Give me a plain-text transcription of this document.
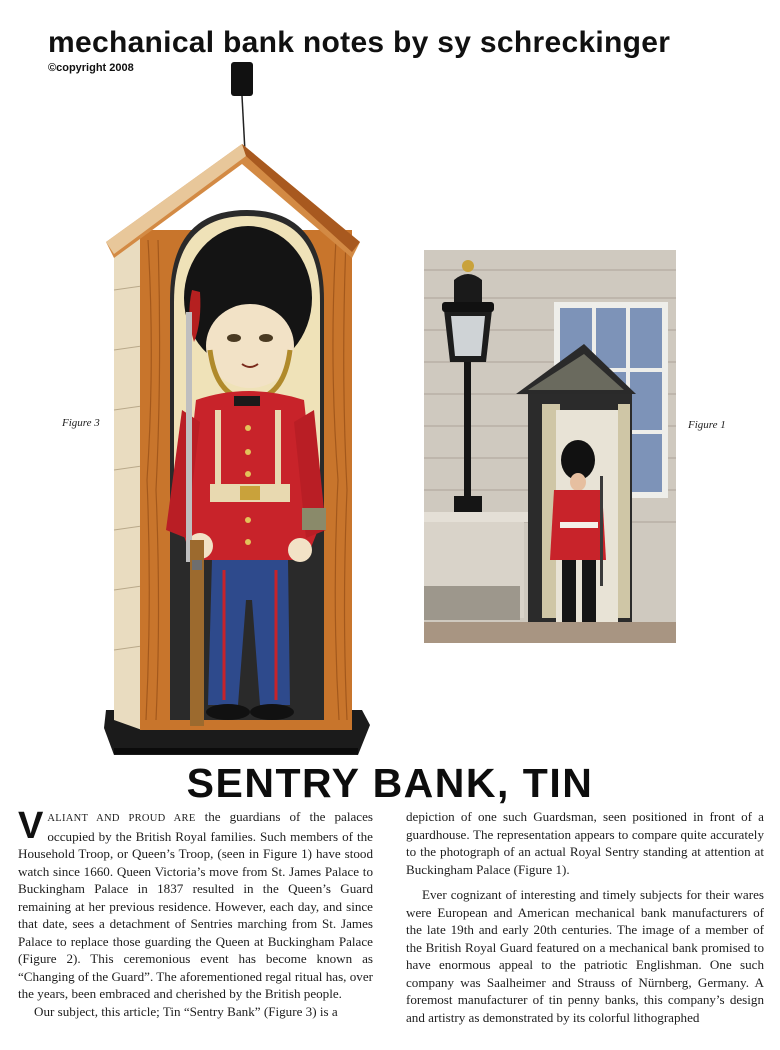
mechanical bank notes by sy schreckinger
©copyright 2008
Figure 3	Figure 1
SENTRY BANK, TIN

VALIANT AND PROUD ARE the guardians of the palaces occupied by the British Royal families. Such members of the Household Troop, or Queen’s Troop, (seen in Figure 1) have stood watch since 1660. Queen Victoria’s move from St. James Palace to Buckingham Palace in 1837 resulted in the Queen’s Guard remaining at her previous residence. However, each day, and since that date, sees a detachment of Sentries marching from St. James Palace to replace those guarding the Queen at Buckingham Palace (Figure 2). This ceremonious event has become known as “Changing of the Guard”. The aforementioned regal ritual has, over the years, been embraced and cherished by the British people.

Our subject, this article; Tin “Sentry Bank” (Figure 3) is a

depiction of one such Guardsman, seen positioned in front of a guardhouse. The representation appears to compare quite accurately to the photograph of an actual Royal Sentry standing at attention at Buckingham Palace (Figure 1).

Ever cognizant of interesting and timely subjects for their wares were European and American mechanical bank manufacturers of the late 19th and early 20th centuries. The image of a member of the British Royal Guard featured on a mechanical bank promised to have enormous appeal to the patriotic Englishman. One such company was Saalheimer and Strauss of Nürnberg, Germany. A foremost manufacturer of tin penny banks, this company’s design and artistry as demonstrated by its colorful lithographed
